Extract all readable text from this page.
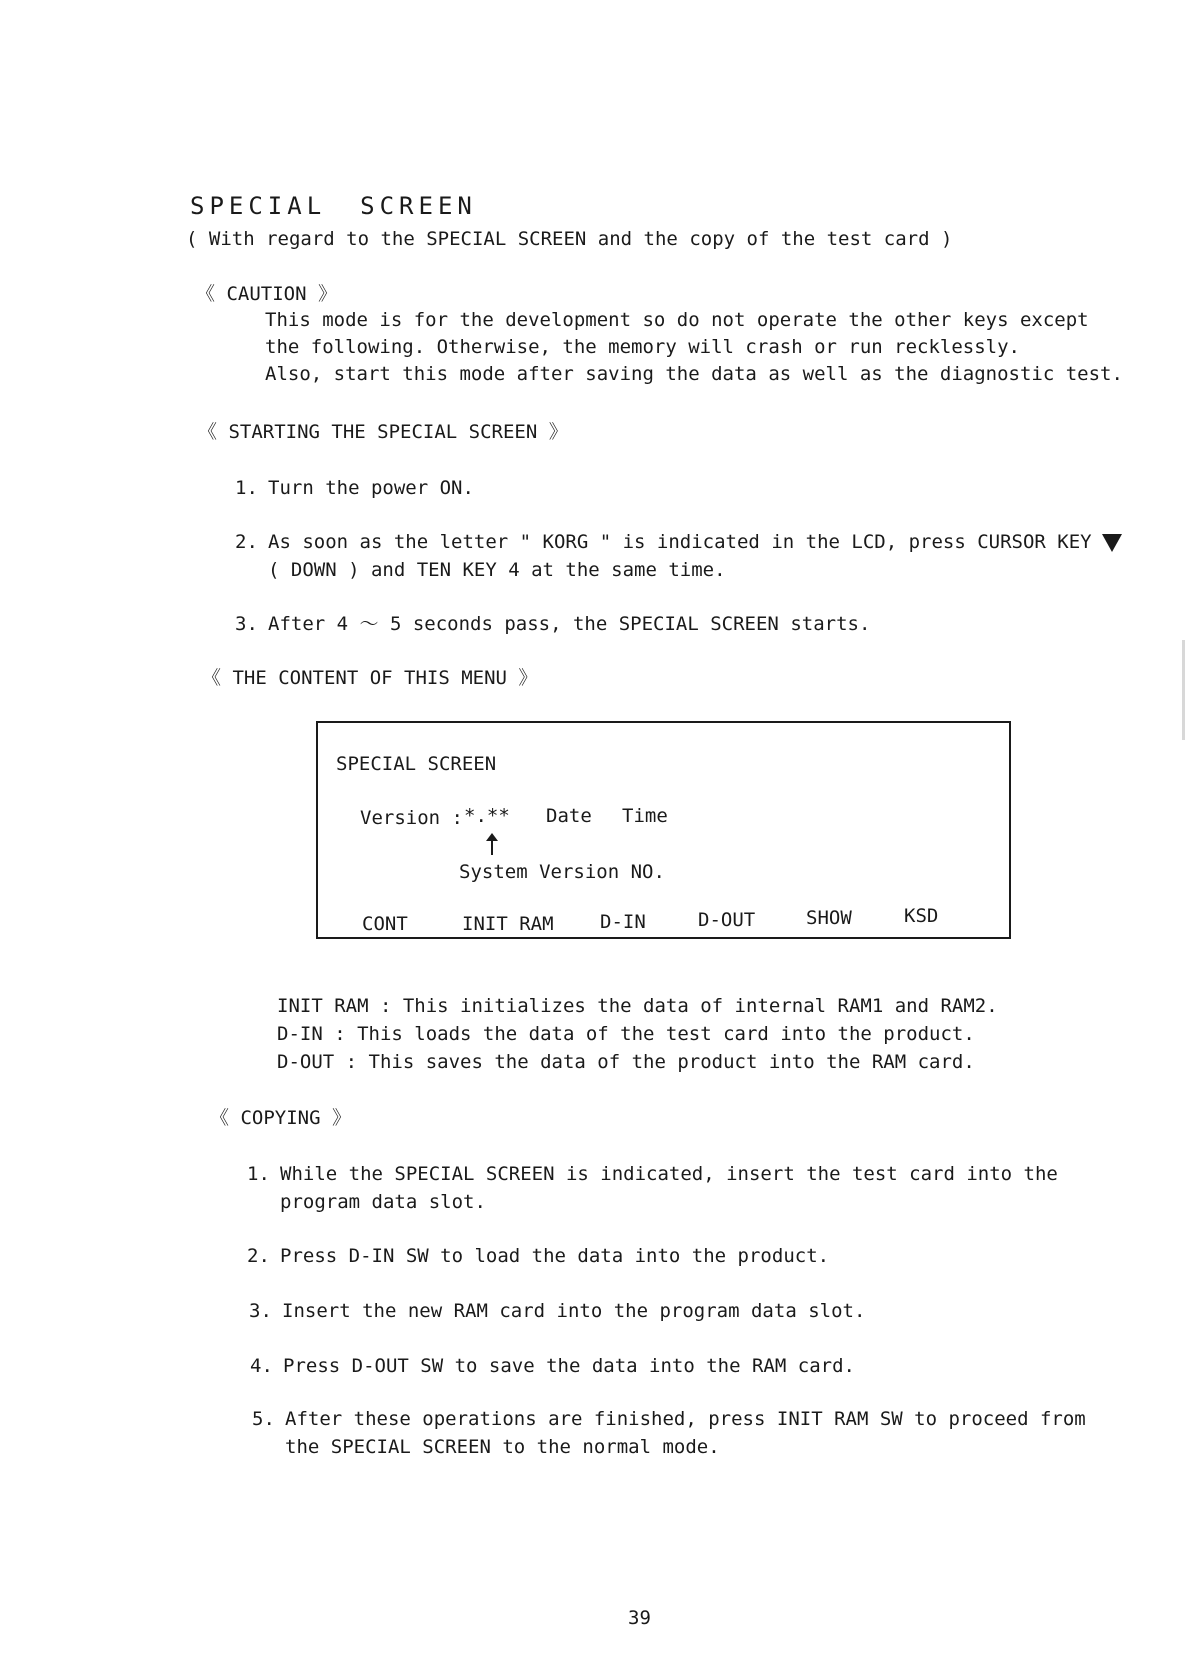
SPECIAL SCREEN
( With regard to the SPECIAL SCREEN and the copy of the test card )
《 CAUTION 》
This mode is for the development so do not operate the other keys except
the following. Otherwise, the memory will crash or run recklessly.
Also, start this mode after saving the data as well as the diagnostic test.
《 STARTING THE SPECIAL SCREEN 》
1. Turn the power ON.
2. As soon as the letter " KORG " is indicated in the LCD, press CURSOR KEY
( DOWN ) and TEN KEY 4 at the same time.
3. After 4 ～ 5 seconds pass, the SPECIAL SCREEN starts.
《 THE CONTENT OF THIS MENU 》
SPECIAL SCREEN
Version : *.** Date Time
System Version NO.
CONT	INIT RAM D-IN	D-OUT	SHOW	KSD
INIT RAM : This initializes the data of internal RAM1 and RAM2.
D-IN : This loads the data of the test card into the product.
D-OUT : This saves the data of the product into the RAM card.
《 COPYING 》
1. While the SPECIAL SCREEN is indicated, insert the test card into the
program data slot.
2. Press D-IN SW to load the data into the product.
3. Insert the new RAM card into the program data slot.
4. Press D-OUT SW to save the data into the RAM card.
5. After these operations are finished, press INIT RAM SW to proceed from
the SPECIAL SCREEN to the normal mode.
39
